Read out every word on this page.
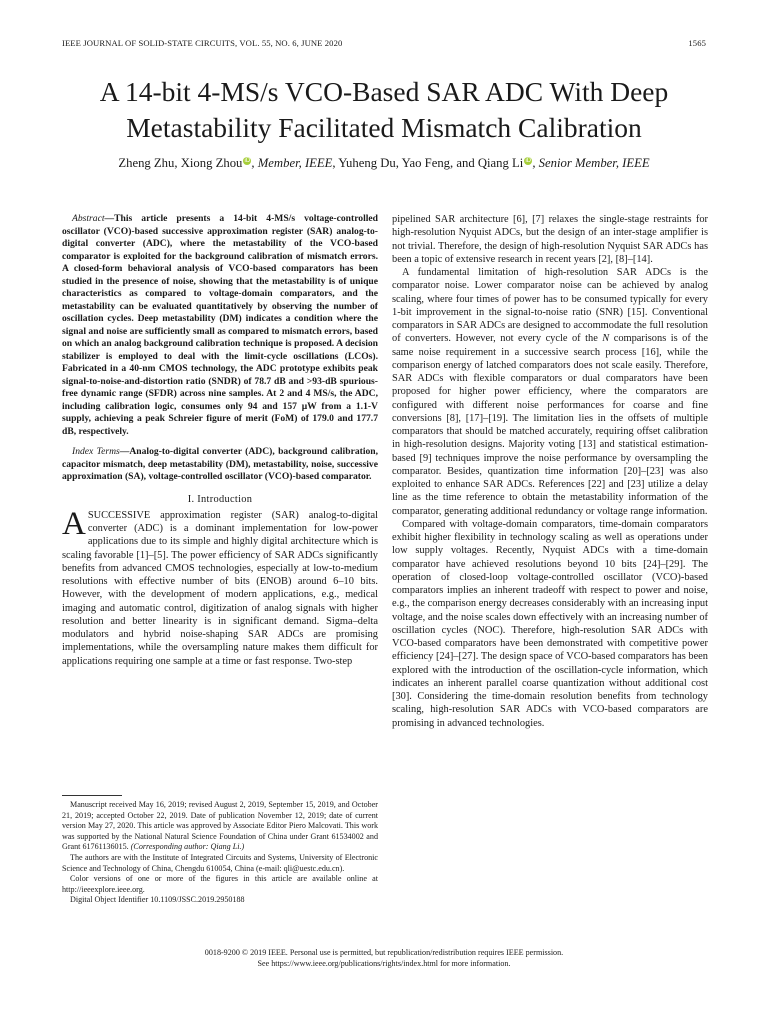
IEEE JOURNAL OF SOLID-STATE CIRCUITS, VOL. 55, NO. 6, JUNE 2020	1565
A 14-bit 4-MS/s VCO-Based SAR ADC With Deep Metastability Facilitated Mismatch Calibration
Zheng Zhu, Xiong Zhou iD, Member, IEEE, Yuheng Du, Yao Feng, and Qiang Li iD, Senior Member, IEEE

Abstract—This article presents a 14-bit 4-MS/s voltage-controlled oscillator (VCO)-based successive approximation register (SAR) analog-to-digital converter (ADC), where the metastability of the VCO-based comparator is exploited for the background calibration of mismatch errors. A closed-form behavioral analysis of VCO-based comparators has been studied in the presence of noise, showing that the metastability is of unique characteristics as compared to voltage-domain comparators, and the metastability can be evaluated quantitatively by observing the number of oscillation cycles. Deep metastability (DM) indicates a condition where the signal and noise are sufficiently small as compared to mismatch errors, based on which an analog background calibration technique is proposed. A decision stabilizer is employed to deal with the limit-cycle oscillations (LCOs). Fabricated in a 40-nm CMOS technology, the ADC prototype exhibits peak signal-to-noise-and-distortion ratio (SNDR) of 78.7 dB and >93-dB spurious-free dynamic range (SFDR) across nine samples. At 2 and 4 MS/s, the ADC, including calibration logic, consumes only 94 and 157 μW from a 1.1-V supply, achieving a peak Schreier figure of merit (FoM) of 179.0 and 177.7 dB, respectively.

Index Terms—Analog-to-digital converter (ADC), background calibration, capacitor mismatch, deep metastability (DM), metastability, noise, successive approximation (SA), voltage-controlled oscillator (VCO)-based comparator.

I. Introduction

ASUCCESSIVE approximation register (SAR) analog-to-digital converter (ADC) is a dominant implementation for low-power applications due to its simple and highly digital architecture which is scaling favorable [1]–[5]. The power efficiency of SAR ADCs significantly benefits from advanced CMOS technologies, especially at low-to-medium resolutions with effective number of bits (ENOB) around 6–10 bits. However, with the development of modern applications, e.g., medical imaging and automatic control, digitization of analog signals with higher resolution and better linearity is in significant demand. Sigma–delta modulators and hybrid noise-shaping SAR ADCs are promising implementations, while the oversampling nature makes them difficult for applications requiring one sample at a time or fast response. Two-step

Manuscript received May 16, 2019; revised August 2, 2019, September 15, 2019, and October 21, 2019; accepted October 22, 2019. Date of publication November 12, 2019; date of current version May 27, 2020. This article was approved by Associate Editor Piero Malcovati. This work was supported by the National Natural Science Foundation of China under Grant 61534002 and Grant 61761136015. (Corresponding author: Qiang Li.)

The authors are with the Institute of Integrated Circuits and Systems, University of Electronic Science and Technology of China, Chengdu 610054, China (e-mail: qli@uestc.edu.cn).

Color versions of one or more of the figures in this article are available online at http://ieeexplore.ieee.org.

Digital Object Identifier 10.1109/JSSC.2019.2950188

pipelined SAR architecture [6], [7] relaxes the single-stage restraints for high-resolution Nyquist ADCs, but the design of an inter-stage amplifier is not trivial. Therefore, the design of high-resolution Nyquist SAR ADCs has been a topic of extensive research in recent years [2], [8]–[14].

A fundamental limitation of high-resolution SAR ADCs is the comparator noise. Lower comparator noise can be achieved by analog scaling, where four times of power has to be consumed typically for every 1-bit improvement in the signal-to-noise ratio (SNR) [15]. Conventional comparators in SAR ADCs are designed to accommodate the full resolution of converters. However, not every cycle of the N comparisons is of the same noise requirement in a successive search process [16], while the comparison energy of latched comparators does not scale easily. Therefore, SAR ADCs with flexible comparators or dual comparators have been proposed for higher power efficiency, where the comparators are configured with different noise performances for coarse and fine conversions [8], [17]–[19]. The limitation lies in the offsets of multiple comparators that should be matched accurately, requiring offset calibration in high-resolution designs. Majority voting [13] and statistical estimation-based [9] techniques improve the noise performance by oversampling the comparator. Besides, quantization time information [20]–[23] was also exploited to enhance SAR ADCs. References [22] and [23] utilize a delay line as the time reference to obtain the metastability information of the comparator, generating additional redundancy or voltage range information.

Compared with voltage-domain comparators, time-domain comparators exhibit higher flexibility in technology scaling as well as operations under low supply voltages. Recently, Nyquist ADCs with a time-domain comparator have achieved resolutions beyond 10 bits [24]–[29]. The operation of closed-loop voltage-controlled oscillator (VCO)-based comparators implies an inherent tradeoff with respect to power and noise, e.g., the comparison energy decreases considerably with an increasing input voltage, and the noise scales down effectively with an increasing number of oscillation cycles (NOC). Therefore, high-resolution SAR ADCs with VCO-based comparators have been demonstrated with competitive power efficiency [24]–[27]. The design space of VCO-based comparators has been explored with the introduction of the oscillation-cycle information, which indicates an inherent parallel coarse quantization without additional cost [30]. Considering the time-domain resolution benefits from technology scaling, high-resolution SAR ADCs with VCO-based comparators are promising in advanced technologies.

0018-9200 © 2019 IEEE. Personal use is permitted, but republication/redistribution requires IEEE permission.
See https://www.ieee.org/publications/rights/index.html for more information.
